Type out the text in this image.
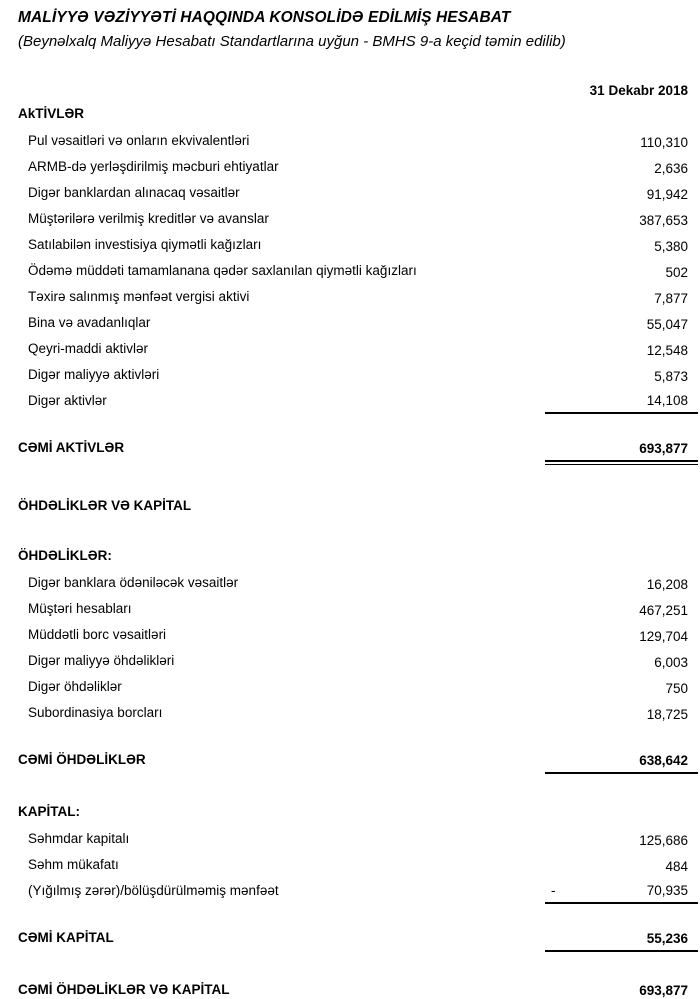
MALİYYƏ VƏZİYYƏTİ HAQQINDA KONSOLİDƏ EDİLMİŞ HESABAT
(Beynəlxalq Maliyyə Hesabatı Standartlarına uyğun - BMHS 9-a keçid təmin edilib)
31 Dekabr 2018
AkTİVLƏR
Pul vəsaitləri və onların ekvivalentləri	110,310
ARMB-də yerləşdirilmiş məcburi ehtiyatlar	2,636
Digər banklardan alınacaq vəsaitlər	91,942
Müştərilərə verilmiş kreditlər və avanslar	387,653
Satılabilən investisiya qiymətli kağızları	5,380
Ödəmə müddəti tamamlanana qədər saxlanılan qiymətli kağızları	502
Təxirə salınmış mənfəət vergisi aktivi	7,877
Bina və avadanlıqlar	55,047
Qeyri-maddi aktivlər	12,548
Digər maliyyə aktivləri	5,873
Digər aktivlər	14,108
CƏMİ AKTİVLƏR	693,877
ÖHDƏLİKLƏR VƏ KAPİTAL
ÖHDƏLİKLƏR:
Digər banklara ödəniləcək vəsaitlər	16,208
Müştəri hesabları	467,251
Müddətli borc vəsaitləri	129,704
Digər maliyyə öhdəlikləri	6,003
Digər öhdəliklər	750
Subordinasiya borcları	18,725
CƏMİ ÖHDƏLİKLƏR	638,642
KAPİTAL:
Səhmdar kapitalı	125,686
Səhm mükafatı	484
(Yığılmış zərər)/bölüşdürülməmiş mənfəət	-	70,935
CƏMİ KAPİTAL	55,236
CƏMİ ÖHDƏLİKLƏR VƏ KAPİTAL	693,877
